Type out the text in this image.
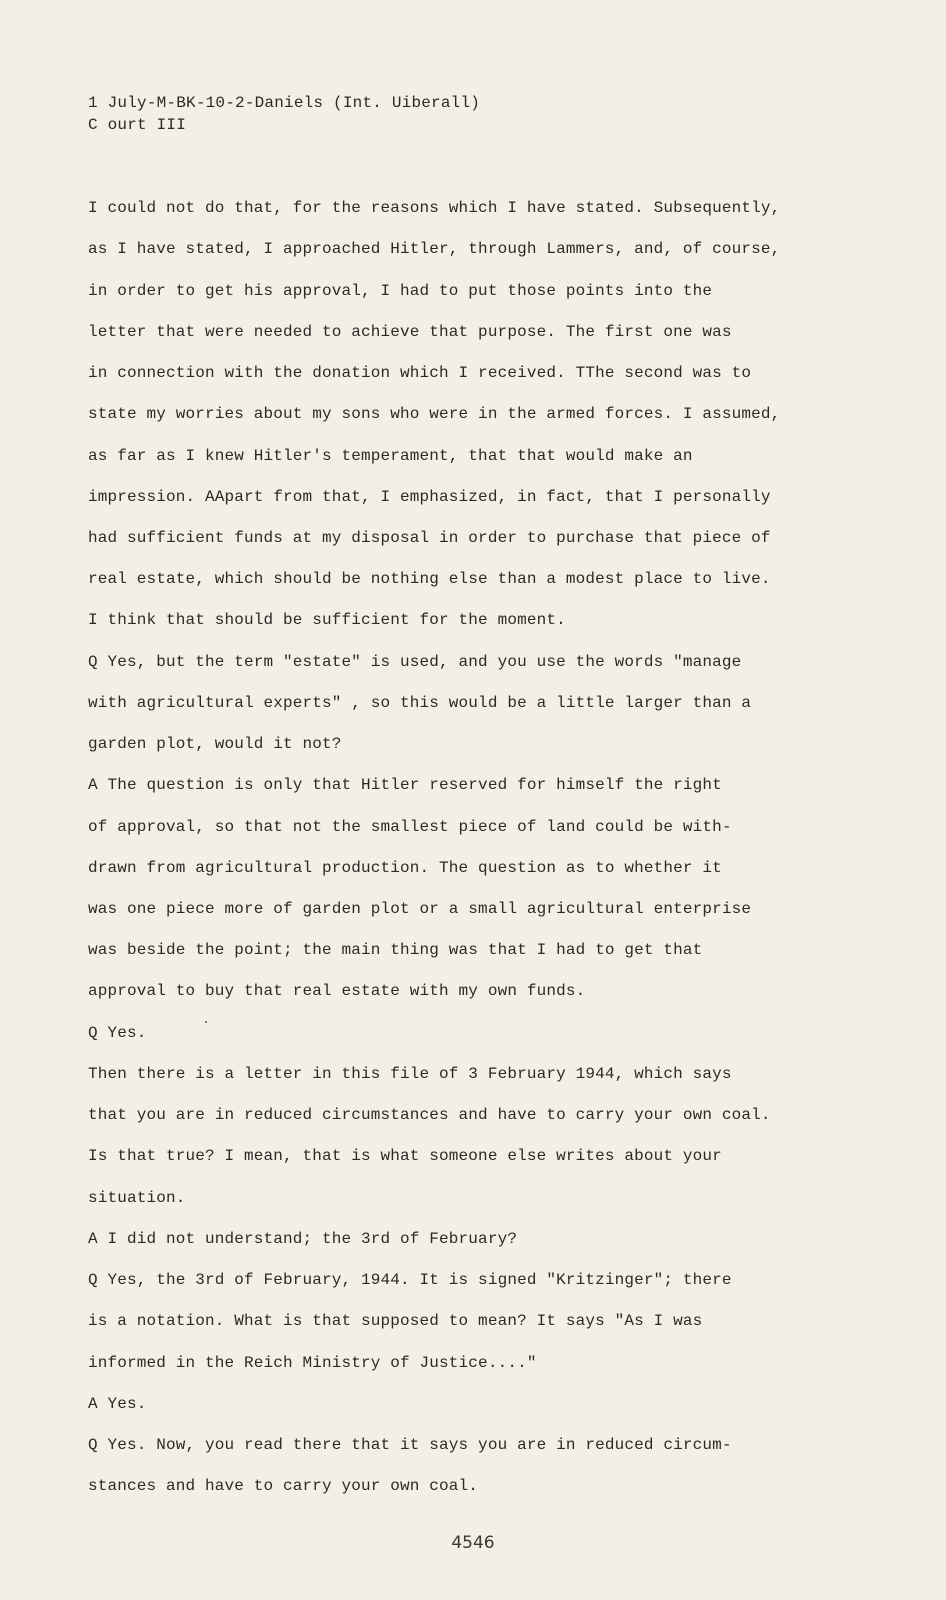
1 July-M-BK-10-2-Daniels (Int. Uiberall)
C ourt III
I could not do that, for the reasons which I have stated. Subsequently,
as I have stated, I approached Hitler, through Lammers, and, of course,
in order to get his approval, I had to put those points into the
letter that were needed to achieve that purpose. The first one was
in connection with the donation which I received. TThe second was to
state my worries about my sons who were in the armed forces. I assumed,
as far as I knew Hitler's temperament, that that would make an
impression. AApart from that, I emphasized, in fact, that I personally
had sufficient funds at my disposal in order to purchase that piece of
real estate, which should be nothing else than a modest place to live.
I think that should be sufficient for the moment.
Q Yes, but the term "estate" is used, and you use the words "manage
with agricultural experts" , so this would be a little larger than a
garden plot, would it not?
A The question is only that Hitler reserved for himself the right
of approval, so that not the smallest piece of land could be with-
drawn from agricultural production. The question as to whether it
was one piece more of garden plot or a small agricultural enterprise
was beside the point; the main thing was that I had to get that
approval to buy that real estate with my own funds.
Q Yes.
Then there is a letter in this file of 3 February 1944, which says
that you are in reduced circumstances and have to carry your own coal.
Is that true? I mean, that is what someone else writes about your
situation.
A I did not understand; the 3rd of February?
Q Yes, the 3rd of February, 1944. It is signed "Kritzinger"; there
is a notation. What is that supposed to mean? It says "As I was
informed in the Reich Ministry of Justice...."
A Yes.
Q Yes. Now, you read there that it says you are in reduced circum-
stances and have to carry your own coal.
4546
